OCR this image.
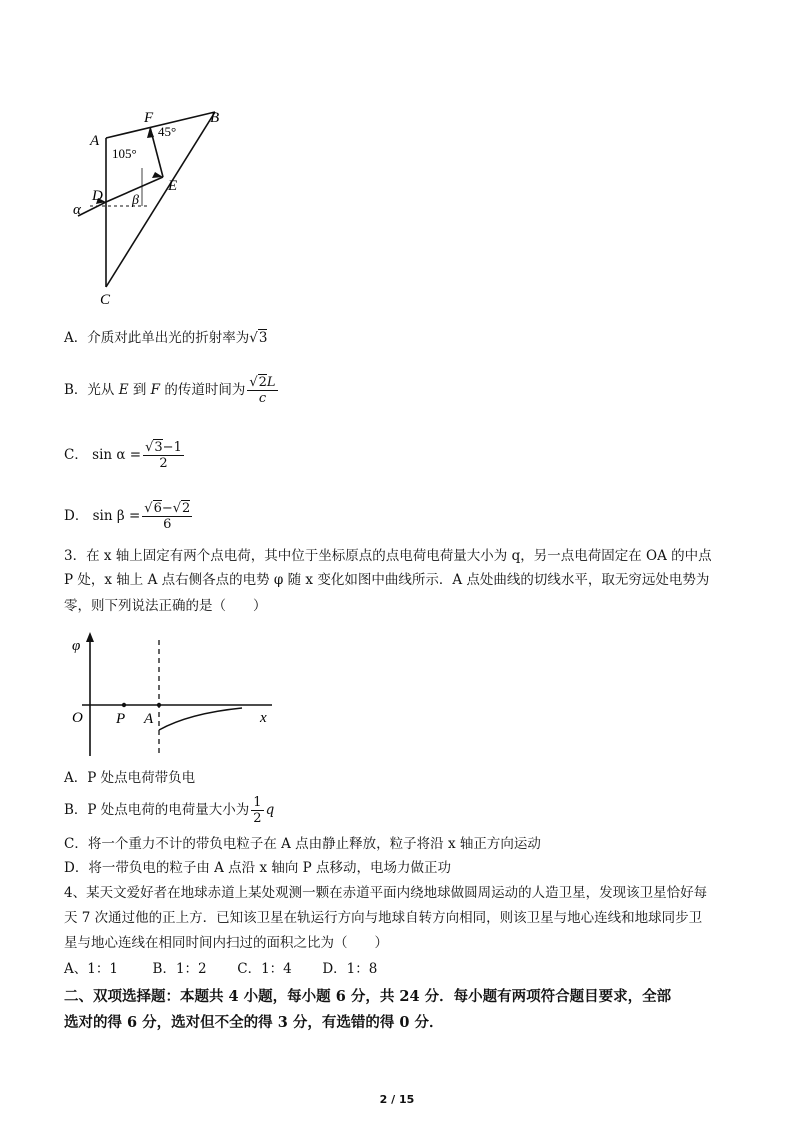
A
B
C
D
E
F
105°
45°
α
β
A．介质对此单出光的折射率为√3
B．光从 E 到 F 的传道时间为 $\frac{√2L}{c}$
C． $\sin \alpha = \frac{√3-1}{2}$
D． $\sin \beta = \frac{√6-√2}{6}$
3．在 x 轴上固定有两个点电荷，其中位于坐标原点的点电荷电荷量大小为 q，另一点电荷固定在 OA 的中点
P 处，x 轴上 A 点右侧各点的电势 φ 随 x 变化如图中曲线所示．A 点处曲线的切线水平，取无穷远处电势为
零，则下列说法正确的是（　　）
φ
O P A	x
A．P 处点电荷带负电
B．P 处点电荷的电荷量大小为 $\frac{1}{2}$ q
C．将一个重力不计的带负电粒子在 A 点由静止释放，粒子将沿 x 轴正方向运动
D．将一带负电的粒子由 A 点沿 x 轴向 P 点移动，电场力做正功
4、某天文爱好者在地球赤道上某处观测一颗在赤道平面内绕地球做圆周运动的人造卫星，发现该卫星恰好每
天 7 次通过他的正上方．已知该卫星在轨运行方向与地球自转方向相同，则该卫星与地心连线和地球同步卫
星与地心连线在相同时间内扫过的面积之比为（　　）
A、1：1	B．1：2 C．1：4 D．1：8
二、双项选择题：本题共 4 小题，每小题 6 分，共 24 分．每小题有两项符合题目要求，全部
选对的得 6 分，选对但不全的得 3 分，有选错的得 0 分．
2 / 15
